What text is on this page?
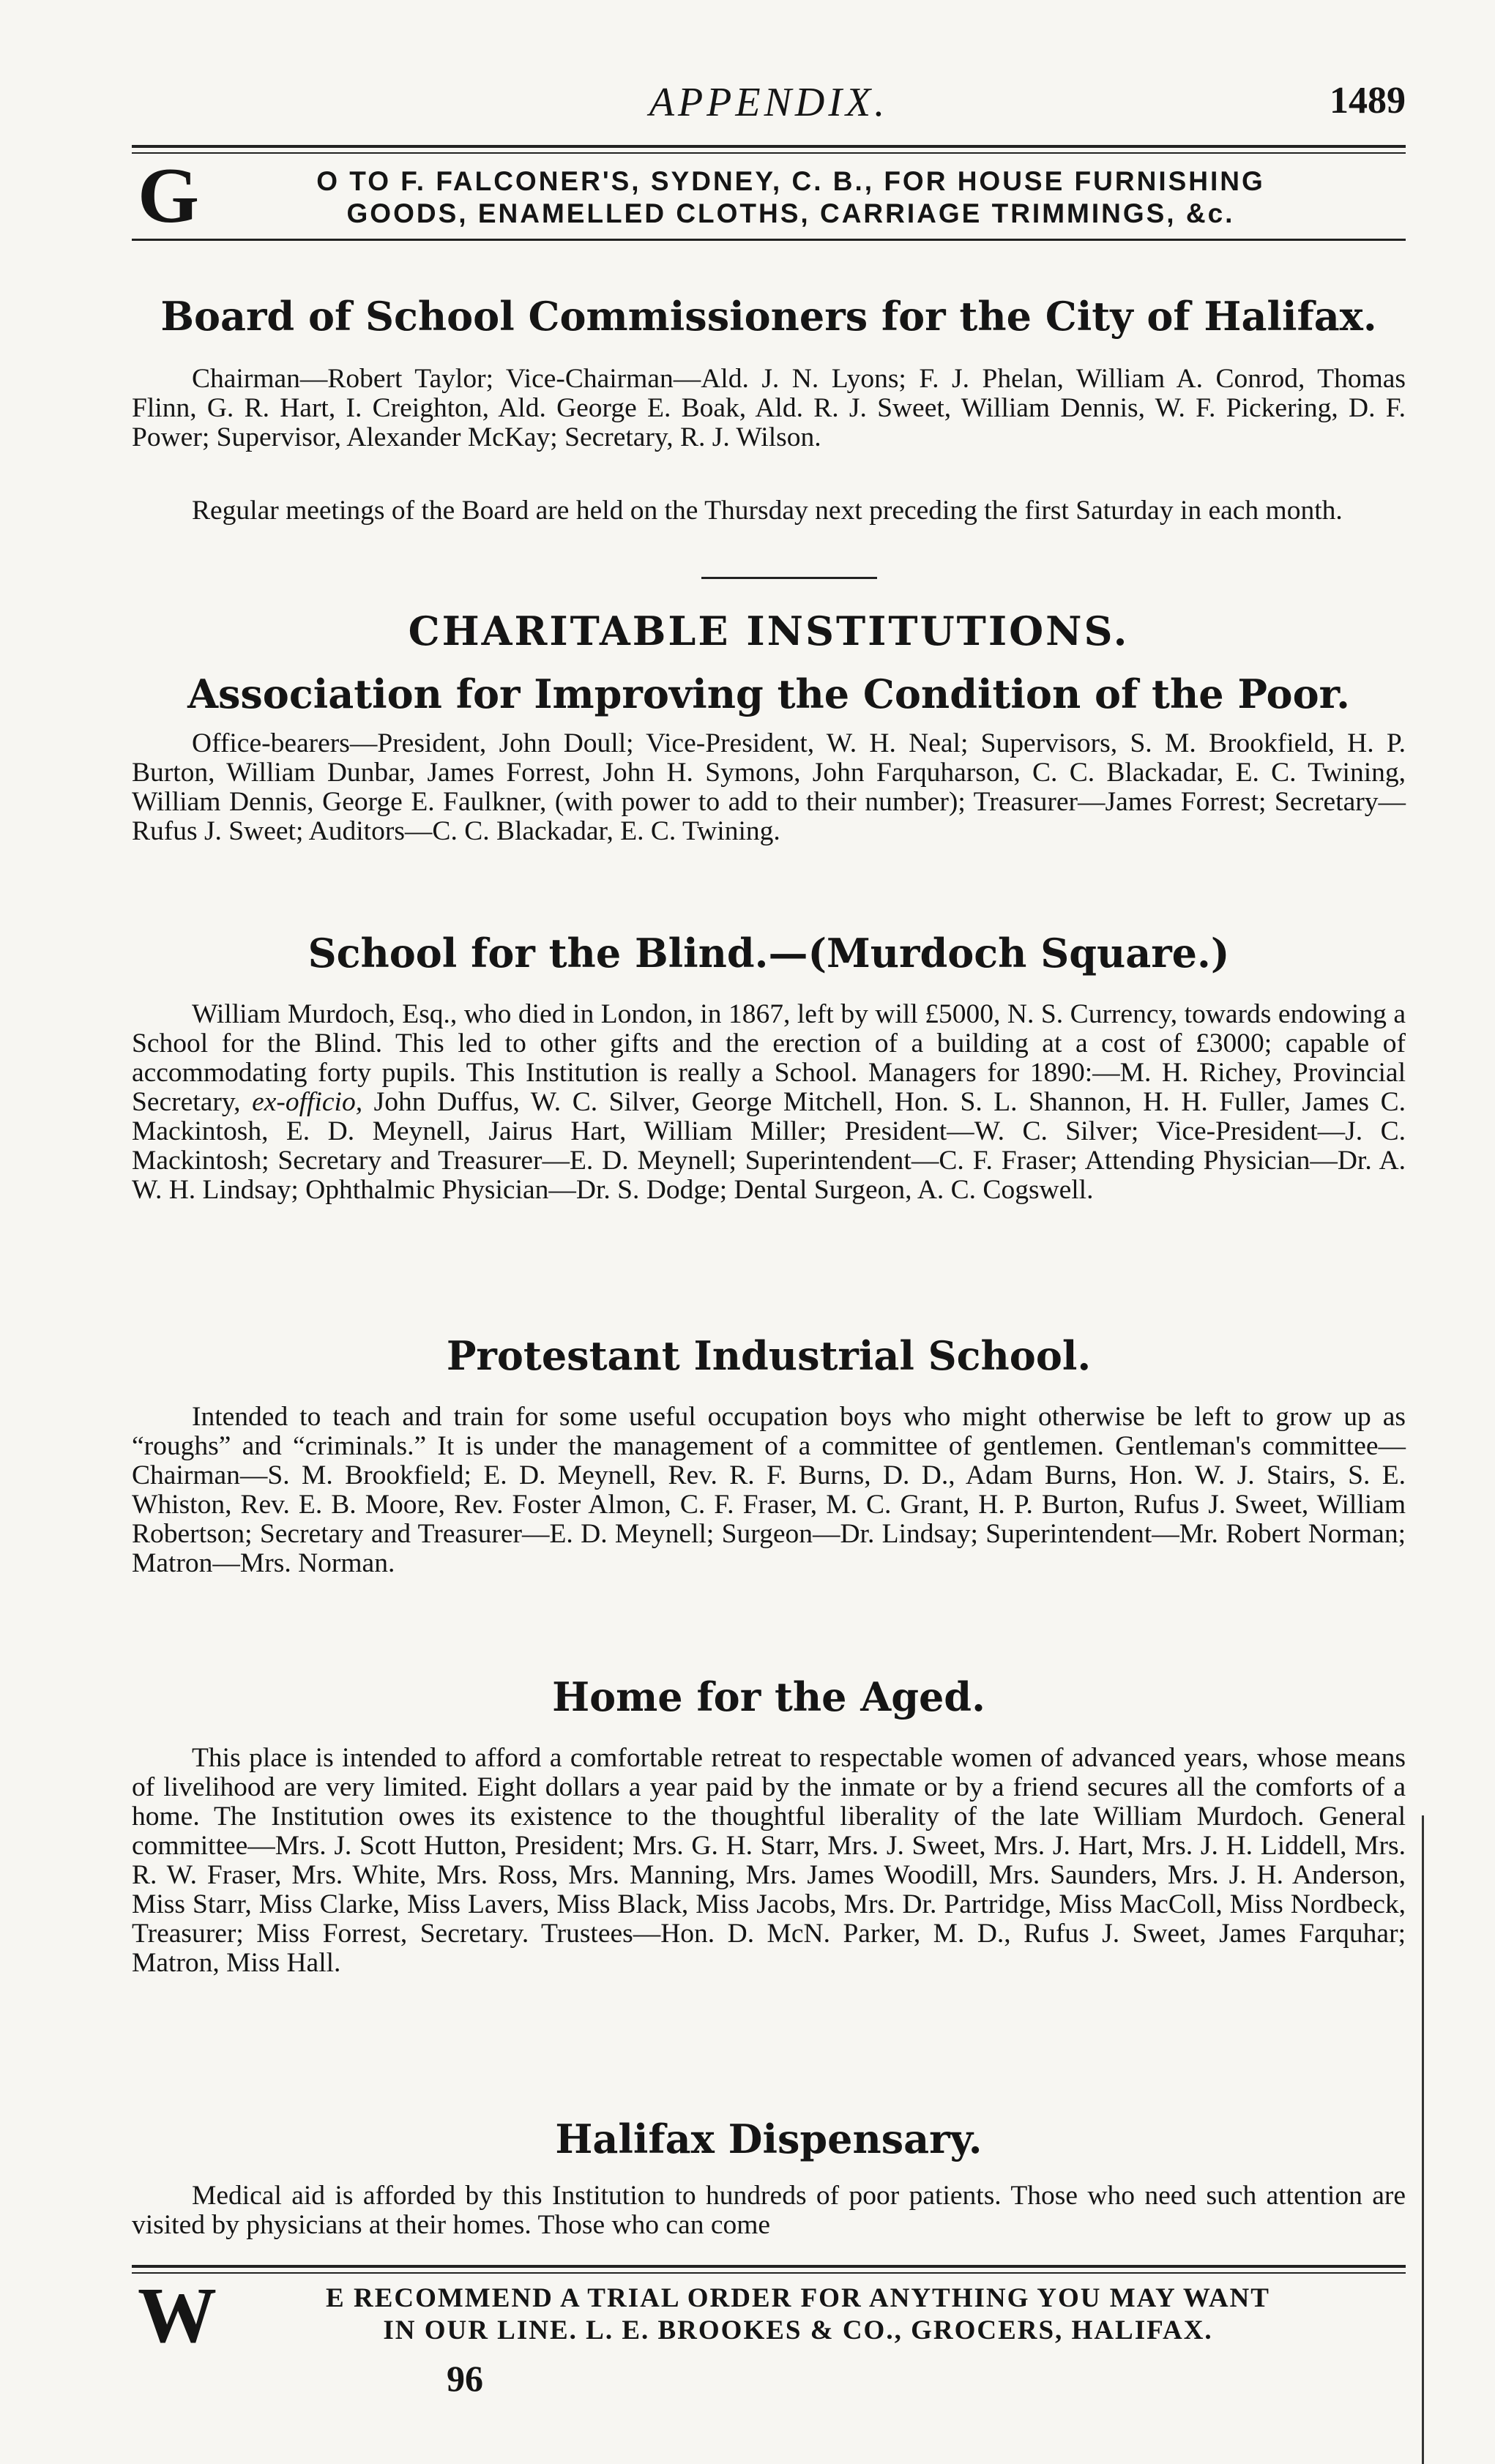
APPENDIX.	1489
G	O TO F. FALCONER'S, SYDNEY, C. B., FOR HOUSE FURNISHING
GOODS, ENAMELLED CLOTHS, CARRIAGE TRIMMINGS, &c.
Board of School Commissioners for the City of Halifax.
Chairman—Robert Taylor; Vice-Chairman—Ald. J. N. Lyons; F. J. Phelan, William A. Conrod, Thomas Flinn, G. R. Hart, I. Creighton, Ald. George E. Boak, Ald. R. J. Sweet, William Dennis, W. F. Pickering, D. F. Power; Supervisor, Alexander McKay; Secretary, R. J. Wilson.
Regular meetings of the Board are held on the Thursday next preceding the first Saturday in each month.
CHARITABLE INSTITUTIONS.
Association for Improving the Condition of the Poor.
Office-bearers—President, John Doull; Vice-President, W. H. Neal; Supervisors, S. M. Brookfield, H. P. Burton, William Dunbar, James Forrest, John H. Symons, John Farquharson, C. C. Blackadar, E. C. Twining, William Dennis, George E. Faulkner, (with power to add to their number); Treasurer—James Forrest; Secretary—Rufus J. Sweet; Auditors—C. C. Blackadar, E. C. Twining.
School for the Blind.—(Murdoch Square.)
William Murdoch, Esq., who died in London, in 1867, left by will £5000, N. S. Currency, towards endowing a School for the Blind. This led to other gifts and the erection of a building at a cost of £3000; capable of accommodating forty pupils. This Institution is really a School. Managers for 1890:—M. H. Richey, Provincial Secretary, ex-officio, John Duffus, W. C. Silver, George Mitchell, Hon. S. L. Shannon, H. H. Fuller, James C. Mackintosh, E. D. Meynell, Jairus Hart, William Miller; President—W. C. Silver; Vice-President—J. C. Mackintosh; Secretary and Treasurer—E. D. Meynell; Superintendent—C. F. Fraser; Attending Physician—Dr. A. W. H. Lindsay; Ophthalmic Physician—Dr. S. Dodge; Dental Surgeon, A. C. Cogswell.
Protestant Industrial School.
Intended to teach and train for some useful occupation boys who might otherwise be left to grow up as “roughs” and “criminals.” It is under the management of a committee of gentlemen. Gentleman's committee—Chairman—S. M. Brookfield; E. D. Meynell, Rev. R. F. Burns, D. D., Adam Burns, Hon. W. J. Stairs, S. E. Whiston, Rev. E. B. Moore, Rev. Foster Almon, C. F. Fraser, M. C. Grant, H. P. Burton, Rufus J. Sweet, William Robertson; Secretary and Treasurer—E. D. Meynell; Surgeon—Dr. Lindsay; Superintendent—Mr. Robert Norman; Matron—Mrs. Norman.
Home for the Aged.
This place is intended to afford a comfortable retreat to respectable women of advanced years, whose means of livelihood are very limited. Eight dollars a year paid by the inmate or by a friend secures all the comforts of a home. The Institution owes its existence to the thoughtful liberality of the late William Murdoch. General committee—Mrs. J. Scott Hutton, President; Mrs. G. H. Starr, Mrs. J. Sweet, Mrs. J. Hart, Mrs. J. H. Liddell, Mrs. R. W. Fraser, Mrs. White, Mrs. Ross, Mrs. Manning, Mrs. James Woodill, Mrs. Saunders, Mrs. J. H. Anderson, Miss Starr, Miss Clarke, Miss Lavers, Miss Black, Miss Jacobs, Mrs. Dr. Partridge, Miss MacColl, Miss Nordbeck, Treasurer; Miss Forrest, Secretary. Trustees—Hon. D. McN. Parker, M. D., Rufus J. Sweet, James Farquhar; Matron, Miss Hall.
Halifax Dispensary.
Medical aid is afforded by this Institution to hundreds of poor patients. Those who need such attention are visited by physicians at their homes. Those who can come
W	E RECOMMEND A TRIAL ORDER FOR ANYTHING YOU MAY WANT
IN OUR LINE. L. E. BROOKES & CO., GROCERS, HALIFAX.
96
